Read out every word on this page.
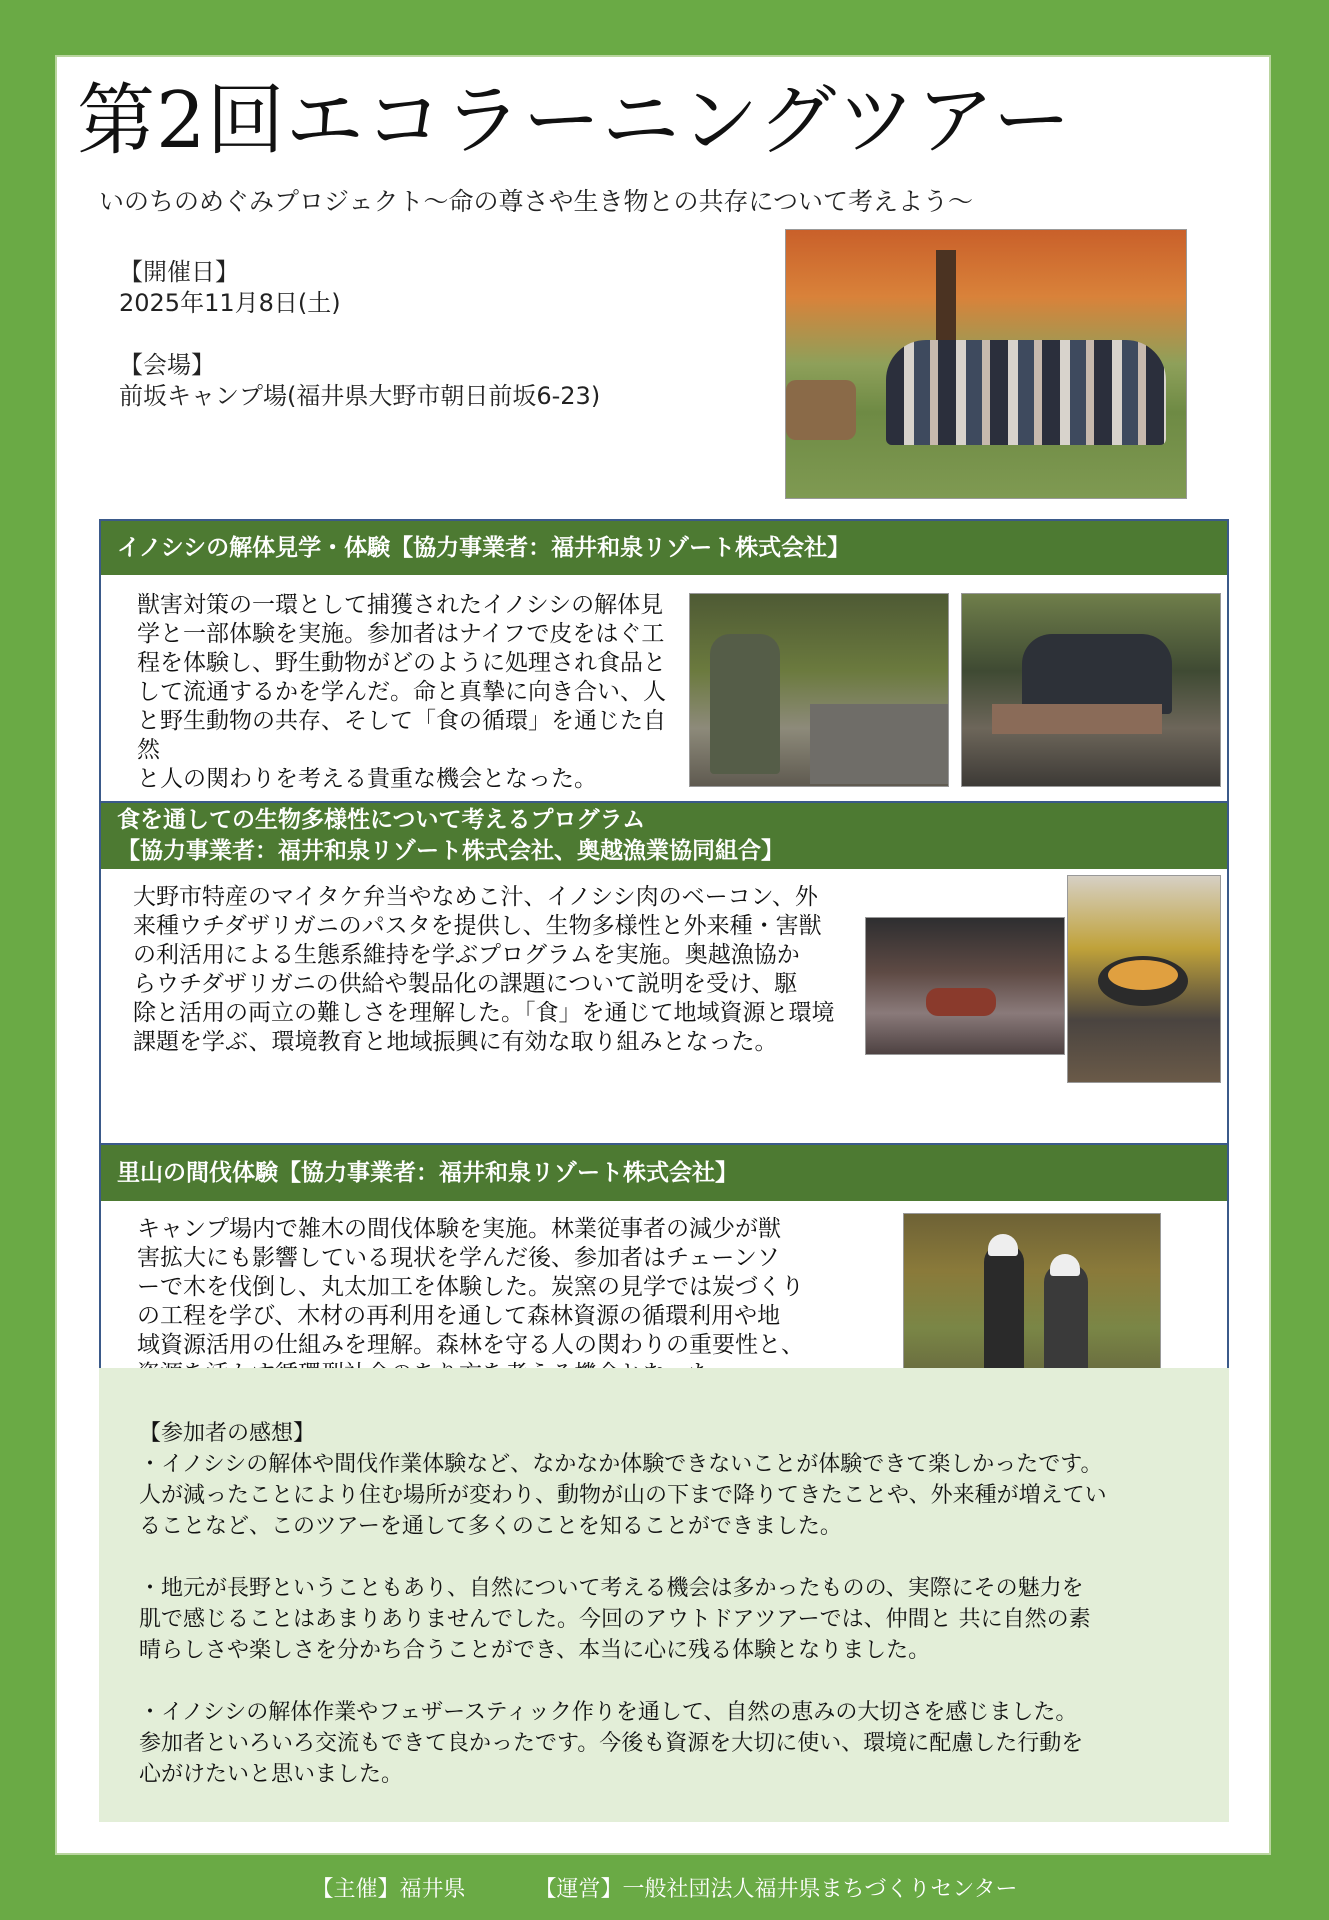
第2回エコラーニングツアー
いのちのめぐみプロジェクト～命の尊さや生き物との共存について考えよう～
【開催日】
2025年11月8日(土)
【会場】
前坂キャンプ場(福井県大野市朝日前坂6-23)
イノシシの解体見学・体験【協力事業者：福井和泉リゾート株式会社】
獣害対策の一環として捕獲されたイノシシの解体見
学と一部体験を実施。参加者はナイフで皮をはぐ工
程を体験し、野生動物がどのように処理され食品と
して流通するかを学んだ。命と真摯に向き合い、人
と野生動物の共存、そして「食の循環」を通じた自然
と人の関わりを考える貴重な機会となった。
食を通しての生物多様性について考えるプログラム
【協力事業者：福井和泉リゾート株式会社、奥越漁業協同組合】
大野市特産のマイタケ弁当やなめこ汁、イノシシ肉のベーコン、外
来種ウチダザリガニのパスタを提供し、生物多様性と外来種・害獣
の利活用による生態系維持を学ぶプログラムを実施。奥越漁協か
らウチダザリガニの供給や製品化の課題について説明を受け、駆
除と活用の両立の難しさを理解した。「食」を通じて地域資源と環境
課題を学ぶ、環境教育と地域振興に有効な取り組みとなった。
里山の間伐体験【協力事業者：福井和泉リゾート株式会社】
キャンプ場内で雑木の間伐体験を実施。林業従事者の減少が獣
害拡大にも影響している現状を学んだ後、参加者はチェーンソ
ーで木を伐倒し、丸太加工を体験した。炭窯の見学では炭づくり
の工程を学び、木材の再利用を通して森林資源の循環利用や地
域資源活用の仕組みを理解。森林を守る人の関わりの重要性と、
【参加者の感想】
・イノシシの解体や間伐作業体験など、なかなか体験できないことが体験できて楽しかったです。
人が減ったことにより住む場所が変わり、動物が山の下まで降りてきたことや、外来種が増えてい
ることなど、このツアーを通して多くのことを知ることができました。
・地元が長野ということもあり、自然について考える機会は多かったものの、実際にその魅力を
肌で感じることはあまりありませんでした。今回のアウトドアツアーでは、仲間と 共に自然の素
晴らしさや楽しさを分かち合うことができ、本当に心に残る体験となりました。
・イノシシの解体作業やフェザースティック作りを通して、自然の恵みの大切さを感じました。
参加者といろいろ交流もできて良かったです。今後も資源を大切に使い、環境に配慮した行動を
心がけたいと思いました。
【主催】福井県	【運営】一般社団法人福井県まちづくりセンター
